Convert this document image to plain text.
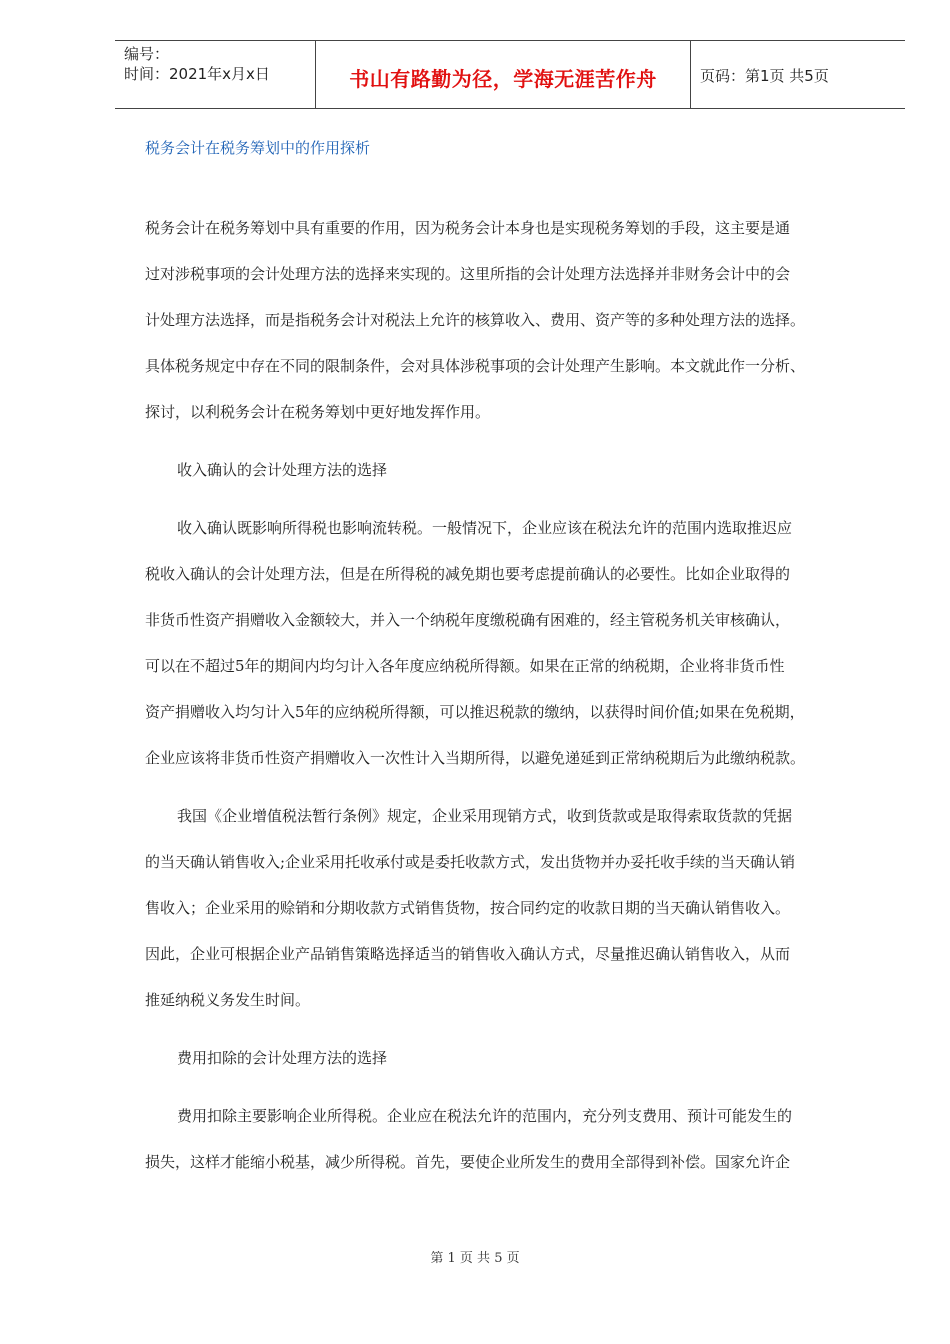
编号：
时间：2021年x月x日	书山有路勤为径，学海无涯苦作舟	页码：第1页 共5页
税务会计在税务筹划中的作用探析
税务会计在税务筹划中具有重要的作用，因为税务会计本身也是实现税务筹划的手段，这主要是通
过对涉税事项的会计处理方法的选择来实现的。这里所指的会计处理方法选择并非财务会计中的会
计处理方法选择，而是指税务会计对税法上允许的核算收入、费用、资产等的多种处理方法的选择。
具体税务规定中存在不同的限制条件，会对具体涉税事项的会计处理产生影响。本文就此作一分析、
探讨，以利税务会计在税务筹划中更好地发挥作用。
收入确认的会计处理方法的选择
收入确认既影响所得税也影响流转税。一般情况下，企业应该在税法允许的范围内选取推迟应
税收入确认的会计处理方法，但是在所得税的减免期也要考虑提前确认的必要性。比如企业取得的
非货币性资产捐赠收入金额较大，并入一个纳税年度缴税确有困难的，经主管税务机关审核确认，
可以在不超过5年的期间内均匀计入各年度应纳税所得额。如果在正常的纳税期，企业将非货币性
资产捐赠收入均匀计入5年的应纳税所得额，可以推迟税款的缴纳，以获得时间价值;如果在免税期，
企业应该将非货币性资产捐赠收入一次性计入当期所得，以避免递延到正常纳税期后为此缴纳税款。
我国《企业增值税法暂行条例》规定，企业采用现销方式，收到货款或是取得索取货款的凭据
的当天确认销售收入;企业采用托收承付或是委托收款方式，发出货物并办妥托收手续的当天确认销
售收入；企业采用的赊销和分期收款方式销售货物，按合同约定的收款日期的当天确认销售收入。
因此，企业可根据企业产品销售策略选择适当的销售收入确认方式，尽量推迟确认销售收入，从而
推延纳税义务发生时间。
费用扣除的会计处理方法的选择
费用扣除主要影响企业所得税。企业应在税法允许的范围内，充分列支费用、预计可能发生的
损失，这样才能缩小税基，减少所得税。首先，要使企业所发生的费用全部得到补偿。国家允许企
第 1 页 共 5 页
